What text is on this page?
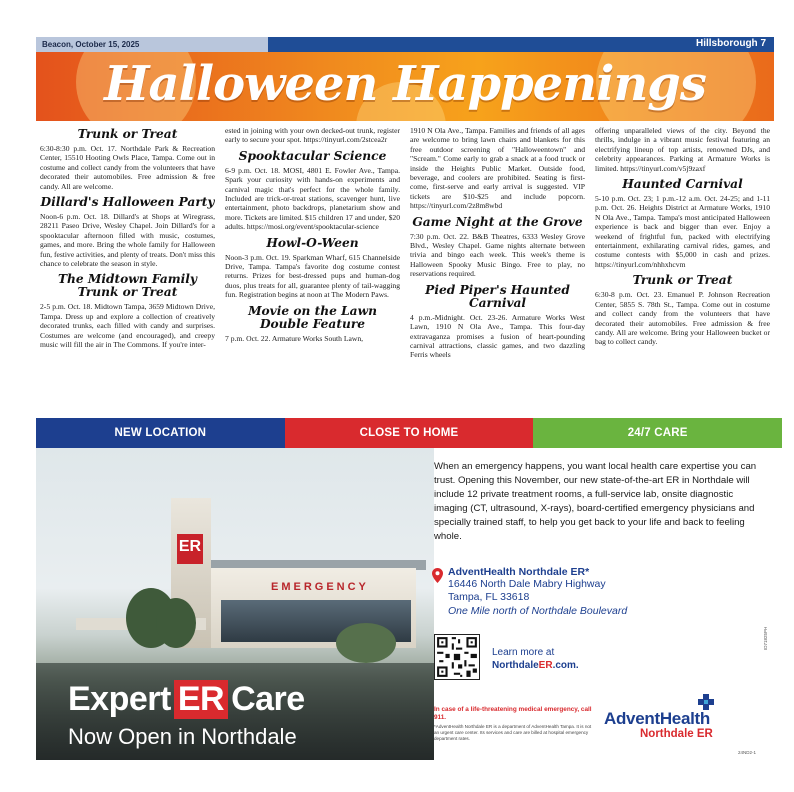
Beacon, October 15, 2025	Hillsborough 7
Halloween Happenings
Trunk or Treat
6:30-8:30 p.m. Oct. 17. Northdale Park & Recreation Center, 15510 Hooting Owls Place, Tampa. Come out in costume and collect candy from the volunteers that have decorated their automobiles. Free admission & free candy. All are welcome.
Dillard's Halloween Party
Noon-6 p.m. Oct. 18. Dillard's at Shops at Wiregrass, 28211 Paseo Drive, Wesley Chapel. Join Dillard's for a spooktacular afternoon filled with music, costumes, games, and more. Bring the whole family for Halloween fun, festive activities, and plenty of treats. Don't miss this chance to celebrate the season in style.
The Midtown Family Trunk or Treat
2-5 p.m. Oct. 18. Midtown Tampa, 3659 Midtown Drive, Tampa. Dress up and explore a collection of creatively decorated trunks, each filled with candy and surprises. Costumes are welcome (and encouraged), and creepy music will fill the air in The Commons. If you're inter-
ested in joining with your own decked-out trunk, register early to secure your spot. https://tinyurl.com/2stcea2r
Spooktacular Science
6-9 p.m. Oct. 18. MOSI, 4801 E. Fowler Ave., Tampa. Spark your curiosity with hands-on experiments and carnival magic that's perfect for the whole family. Included are trick-or-treat stations, scavenger hunt, live entertainment, photo backdrops, planetarium show and more. Tickets are limited. $15 children 17 and under, $20 adults. https://mosi.org/event/spooktacular-science
Howl-O-Ween
Noon-3 p.m. Oct. 19. Sparkman Wharf, 615 Channelside Drive, Tampa. Tampa's favorite dog costume contest returns. Prizes for best-dressed pups and human-dog duos, plus treats for all, guarantee plenty of tail-wagging fun. Registration begins at noon at The Modern Paws.
Movie on the Lawn Double Feature
7 p.m. Oct. 22. Armature Works South Lawn,
1910 N Ola Ave., Tampa. Families and friends of all ages are welcome to bring lawn chairs and blankets for this free outdoor screening of "Halloweentown" and "Scream." Come early to grab a snack at a food truck or inside the Heights Public Market. Outside food, beverage, and coolers are prohibited. Seating is first-come, first-serve and early arrival is suggested. VIP tickets are $10-$25 and include popcorn. https://tinyurl.com/2z8m8wbd
Game Night at the Grove
7:30 p.m. Oct. 22. B&B Theatres, 6333 Wesley Grove Blvd., Wesley Chapel. Game nights alternate between trivia and bingo each week. This week's theme is Halloween Spooky Music Bingo. Free to play, no reservations required.
Pied Piper's Haunted Carnival
4 p.m.-Midnight. Oct. 23-26. Armature Works West Lawn, 1910 N Ola Ave., Tampa. This four-day extravaganza promises a fusion of heart-pounding carnival attractions, classic games, and two dazzling Ferris wheels
offering unparalleled views of the city. Beyond the thrills, indulge in a vibrant music festival featuring an electrifying lineup of top artists, renowned DJs, and celebrity appearances. Parking at Armature Works is limited. https://tinyurl.com/v5j9zaxf
Haunted Carnival
5-10 p.m. Oct. 23; 1 p.m.-12 a.m. Oct. 24-25; and 1-11 p.m. Oct. 26. Heights District at Armature Works, 1910 N Ola Ave., Tampa. Tampa's most anticipated Halloween experience is back and bigger than ever. Enjoy a weekend of frightful fun, packed with electrifying entertainment, exhilarating carnival rides, games, and costume contests with $5,000 in cash and prizes. https://tinyurl.com/nhhxhcvm
Trunk or Treat
6:30-8 p.m. Oct. 23. Emanuel P. Johnson Recreation Center, 5855 S. 78th St., Tampa. Come out in costume and collect candy from the volunteers that have decorated their automobiles. Free admission & free candy. All are welcome. Bring your Halloween bucket or bag to collect candy.
NEW LOCATION	CLOSE TO HOME	24/7 CARE
ER
EMERGENCY
Expert ER Care
Now Open in Northdale
When an emergency happens, you want local health care expertise you can trust. Opening this November, our new state-of-the-art ER in Northdale will include 12 private treatment rooms, a full-service lab, onsite diagnostic imaging (CT, ultrasound, X-rays), board-certified emergency physicians and specially trained staff, to help you get back to your life and back to feeling whole.
AdventHealth Northdale ER*
16446 North Dale Mabry Highway
Tampa, FL 33618
One Mile north of Northdale Boulevard
Learn more at
NorthdaleER.com.
In case of a life-threatening medical emergency, call 911.
*AdventHealth Northdale ER is a department of AdventHealth Tampa. It is not an urgent care center. Its services and care are billed at hospital emergency department rates.
AdventHealth
Northdale ER
ID71825PH
24ND2-1
